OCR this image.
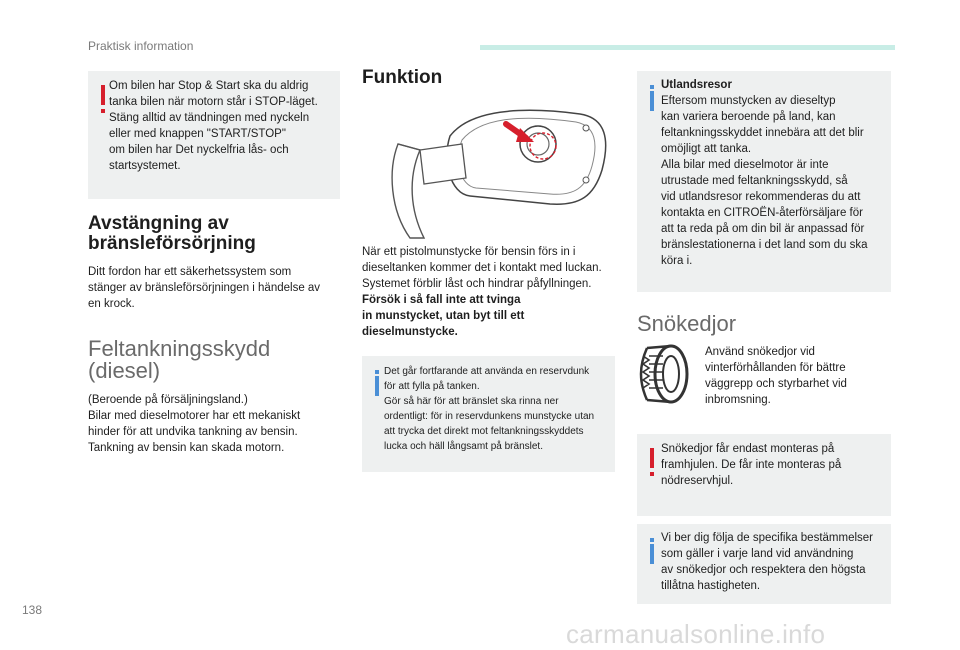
Praktisk information

Om bilen har Stop & Start ska du aldrig

tanka bilen när motorn står i STOP-läget.

Stäng alltid av tändningen med nyckeln

eller med knappen "START/STOP"

om bilen har Det nyckelfria lås- och

startsystemet.

Avstängning av
bränsleförsörjning

Ditt fordon har ett säkerhetssystem som

stänger av bränsleförsörjningen i händelse av

en krock.

Feltankningsskydd
(diesel)

(Beroende på försäljningsland.)

Bilar med dieselmotorer har ett mekaniskt

hinder för att undvika tankning av bensin.

Tankning av bensin kan skada motorn.

Funktion

När ett pistolmunstycke för bensin förs in i

dieseltanken kommer det i kontakt med luckan.

Systemet förblir låst och hindrar påfyllningen.

Försök i så fall inte att tvinga

in munstycket, utan byt till ett

dieselmunstycke.

Det går fortfarande att använda en reservdunk

för att fylla på tanken.

Gör så här för att bränslet ska rinna ner

ordentligt: för in reservdunkens munstycke utan

att trycka det direkt mot feltankningsskyddets

lucka och häll långsamt på bränslet.

Utlandsresor

Eftersom munstycken av dieseltyp

kan variera beroende på land, kan

feltankningsskyddet innebära att det blir

omöjligt att tanka.

Alla bilar med dieselmotor är inte

utrustade med feltankningsskydd, så

vid utlandsresor rekommenderas du att

kontakta en CITROËN-återförsäljare för

att ta reda på om din bil är anpassad för

bränslestationerna i det land som du ska

köra i.

Snökedjor

Använd snökedjor vid

vinterförhållanden för bättre

väggrepp och styrbarhet vid

inbromsning.

Snökedjor får endast monteras på

framhjulen. De får inte monteras på

nödreservhjul.

Vi ber dig följa de specifika bestämmelser

som gäller i varje land vid användning

av snökedjor och respektera den högsta

tillåtna hastigheten.

138
carmanualsonline.info
